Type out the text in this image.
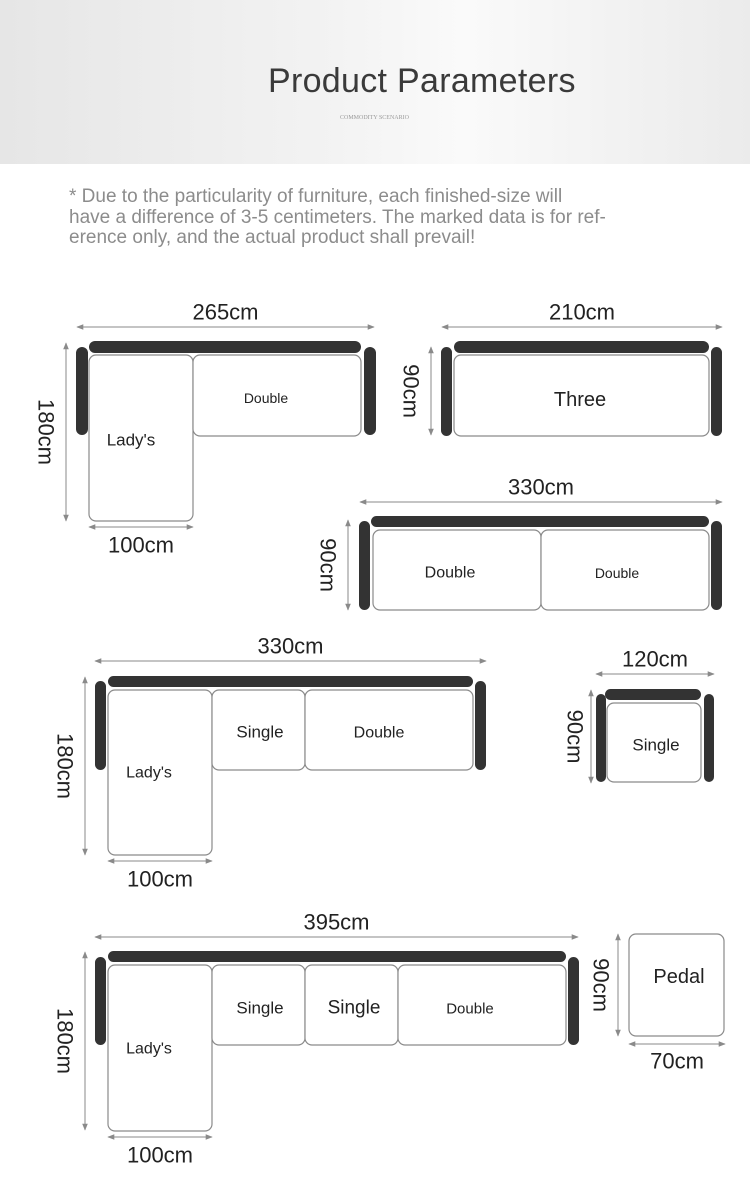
Product Parameters
COMMODITY SCENARIO
* Due to the particularity of furniture, each finished-size will
have a difference of 3-5 centimeters. The marked data is for ref-
erence only, and the actual product shall prevail!
265cm
180cm
100cm
Lady's
Double
210cm
90cm	Three
330cm
90cm	Double	Double
330cm
180cm
100cm
Lady's
Single	Double
120cm
90cm	Single
395cm
180cm
100cm
Lady's
Single Single	Double	90cm
70cm
Pedal
